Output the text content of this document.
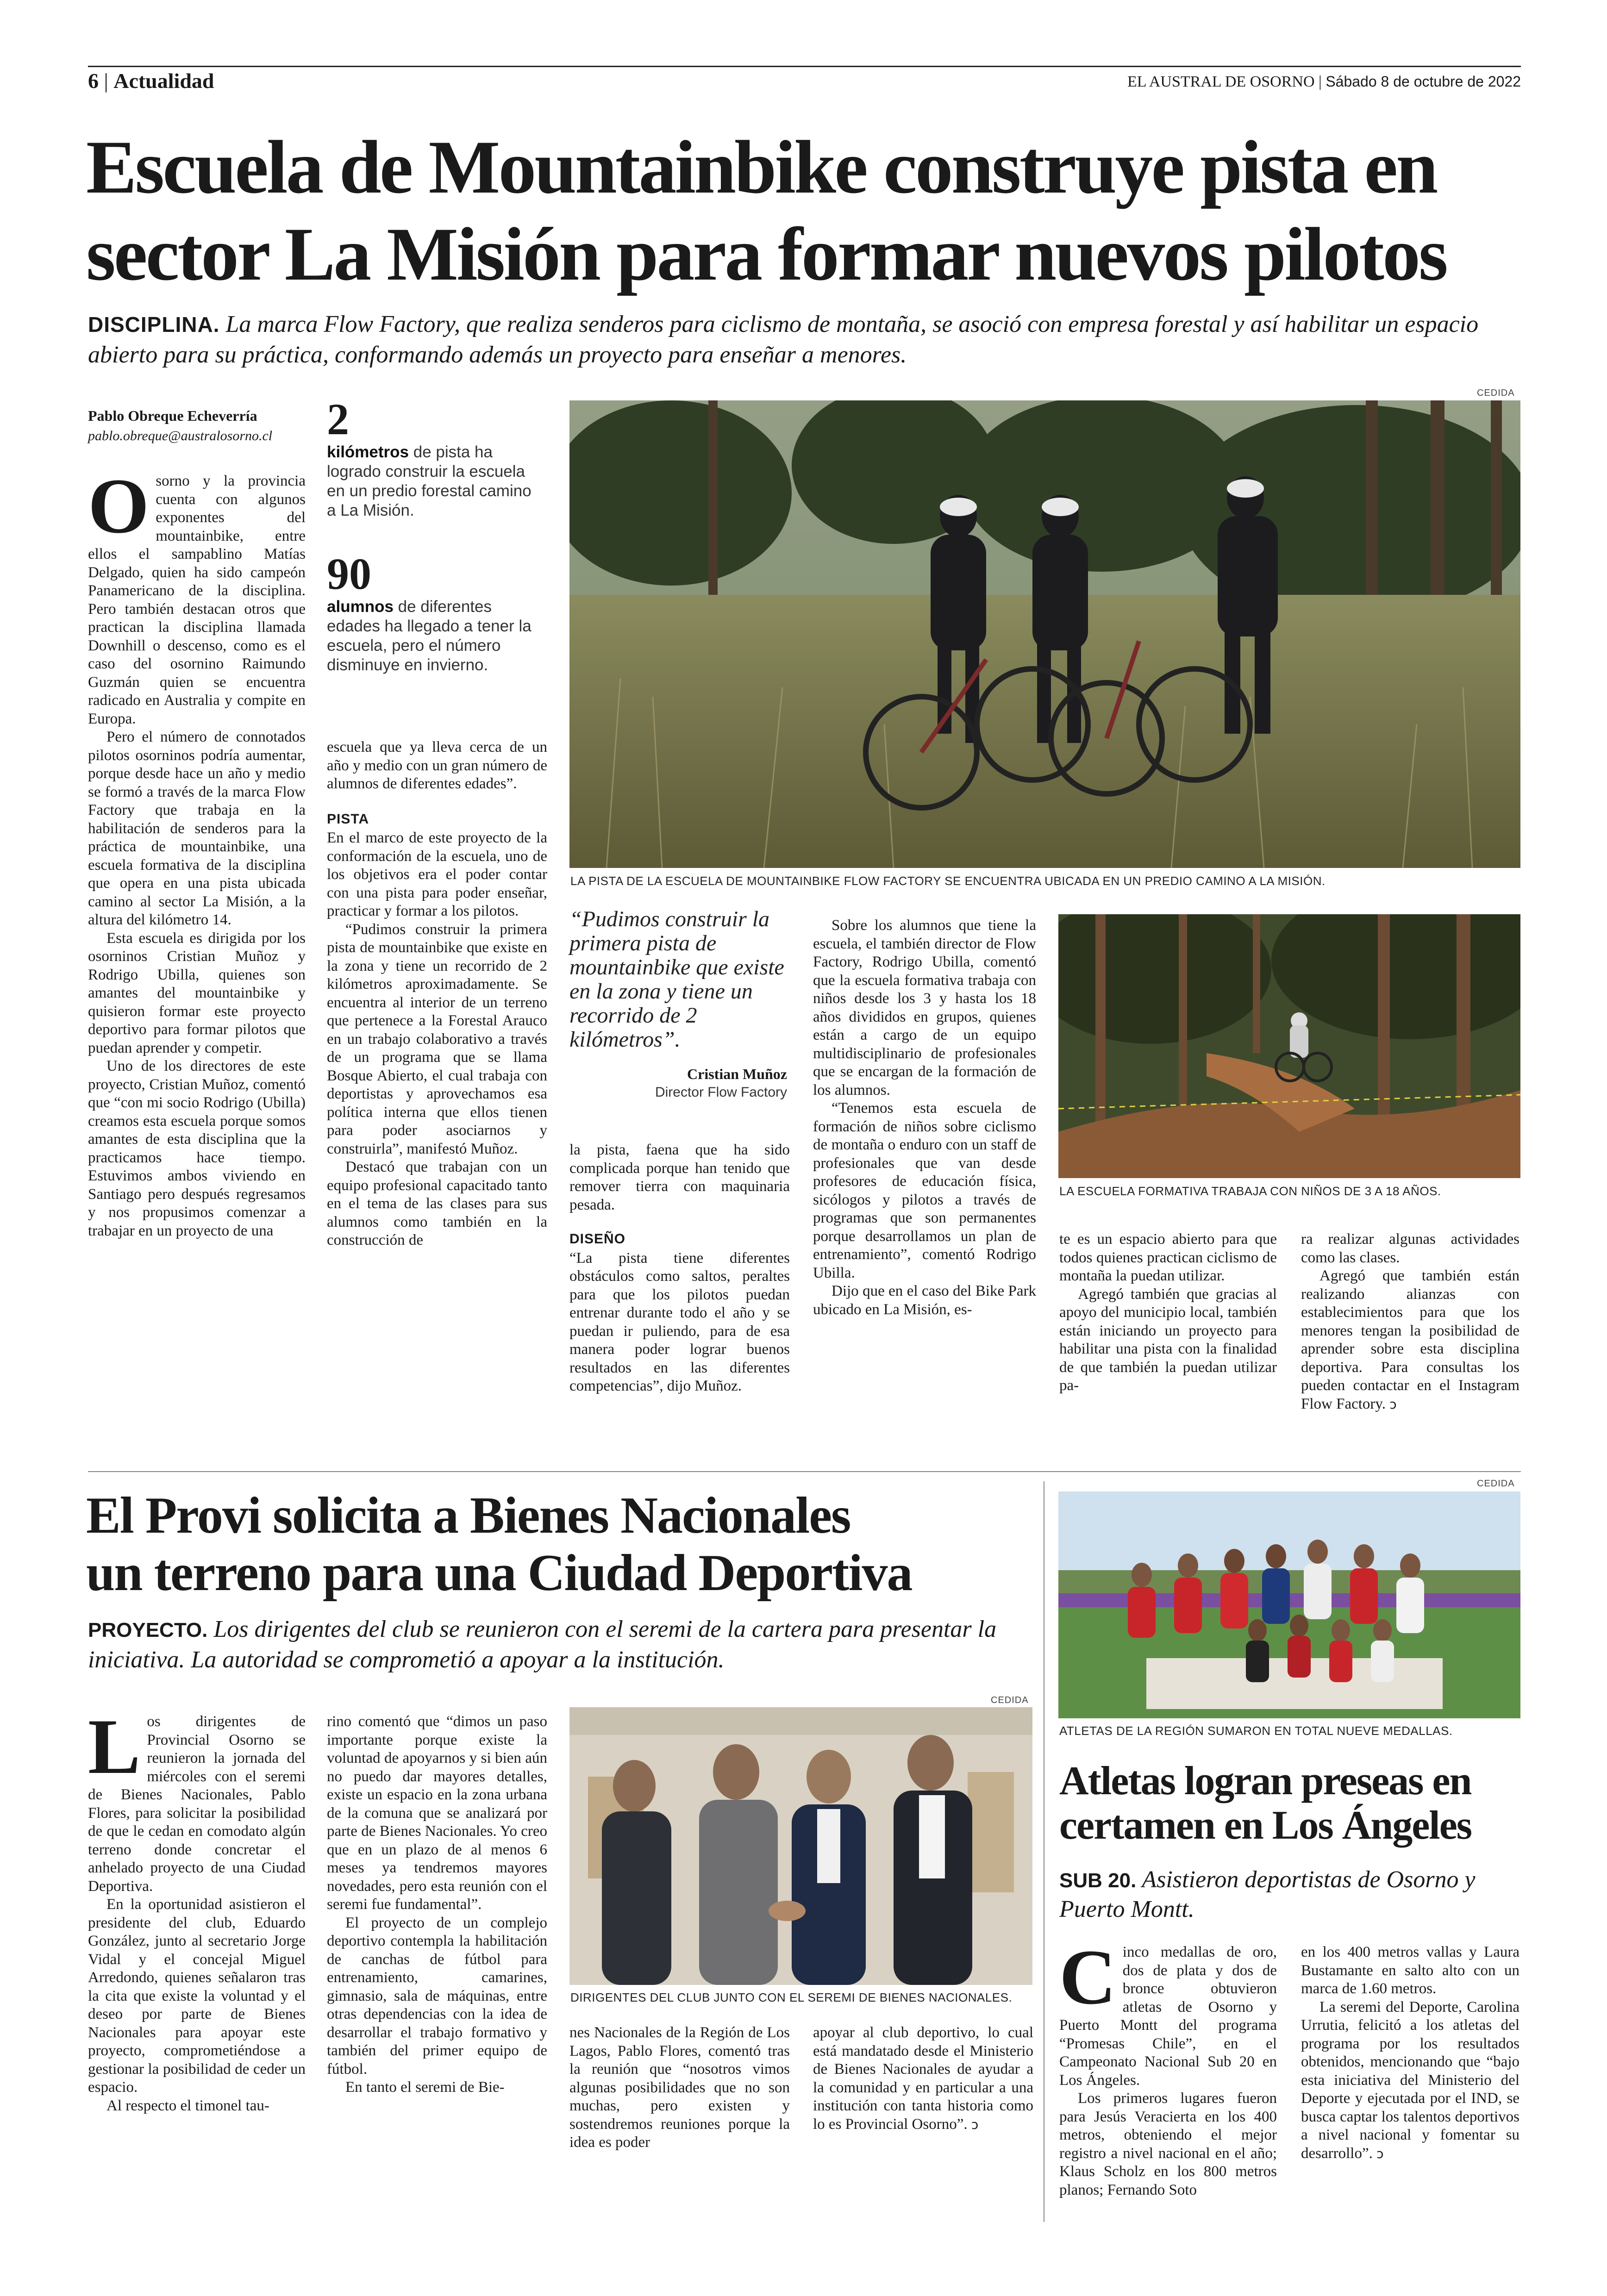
6 | Actualidad	EL AUSTRAL DE OSORNO | Sábado 8 de octubre de 2022
Escuela de Mountainbike construye pista en
sector La Misión para formar nuevos pilotos
DISCIPLINA. La marca Flow Factory, que realiza senderos para ciclismo de montaña, se asoció con empresa forestal y así habilitar un espacio abierto para su práctica, conformando además un proyecto para enseñar a menores.
Pablo Obreque Echeverría
pablo.obreque@australosorno.cl	2
kilómetros de pista ha logrado construir la escuela en un predio forestal camino a La Misión.
90
alumnos de diferentes edades ha llegado a tener la escuela, pero el número disminuye en invierno.

Osorno y la provincia cuenta con algunos exponentes del mountainbike, entre ellos el sampablino Matías Delgado, quien ha sido campeón Panamericano de la disciplina. Pero también destacan otros que practican la disciplina llamada Downhill o descenso, como es el caso del osornino Raimundo Guzmán quien se encuentra radicado en Australia y compite en Europa.

Pero el número de connotados pilotos osorninos podría aumentar, porque desde hace un año y medio se formó a través de la marca Flow Factory que trabaja en la habilitación de senderos para la práctica de mountainbike, una escuela formativa de la disciplina que opera en una pista ubicada camino al sector La Misión, a la altura del kilómetro 14.

Esta escuela es dirigida por los osorninos Cristian Muñoz y Rodrigo Ubilla, quienes son amantes del mountainbike y quisieron formar este proyecto deportivo para formar pilotos que puedan aprender y competir.

Uno de los directores de este proyecto, Cristian Muñoz, comentó que “con mi socio Rodrigo (Ubilla) creamos esta escuela porque somos amantes de esta disciplina que la practicamos hace tiempo. Estuvimos ambos viviendo en Santiago pero después regresamos y nos propusimos comenzar a trabajar en un proyecto de una

escuela que ya lleva cerca de un año y medio con un gran número de alumnos de diferentes edades”.

PISTA

En el marco de este proyecto de la conformación de la escuela, uno de los objetivos era el poder contar con una pista para poder enseñar, practicar y formar a los pilotos.

“Pudimos construir la primera pista de mountainbike que existe en la zona y tiene un recorrido de 2 kilómetros aproximadamente. Se encuentra al interior de un terreno que pertenece a la Forestal Arauco en un trabajo colaborativo a través de un programa que se llama Bosque Abierto, el cual trabaja con deportistas y aprovechamos esa política interna que ellos tienen para poder asociarnos y construirla”, manifestó Muñoz.

Destacó que trabajan con un equipo profesional capacitado tanto en el tema de las clases para sus alumnos como también en la construcción de

CEDIDA
LA PISTA DE LA ESCUELA DE MOUNTAINBIKE FLOW FACTORY SE ENCUENTRA UBICADA EN UN PREDIO CAMINO A LA MISIÓN.
“Pudimos construir la primera pista de mountainbike que existe en la zona y tiene un recorrido de 2 kilómetros”.
Cristian Muñoz
Director Flow Factory

la pista, faena que ha sido complicada porque han tenido que remover tierra con maquinaria pesada.

DISEÑO

“La pista tiene diferentes obstáculos como saltos, peraltes para que los pilotos puedan entrenar durante todo el año y se puedan ir puliendo, para de esa manera poder lograr buenos resultados en las diferentes competencias”, dijo Muñoz.

Sobre los alumnos que tiene la escuela, el también director de Flow Factory, Rodrigo Ubilla, comentó que la escuela formativa trabaja con niños desde los 3 y hasta los 18 años divididos en grupos, quienes están a cargo de un equipo multidisciplinario de profesionales que se encargan de la formación de los alumnos.

“Tenemos esta escuela de formación de niños sobre ciclismo de montaña o enduro con un staff de profesionales que van desde profesores de educación física, sicólogos y pilotos a través de programas que son permanentes porque desarrollamos un plan de entrenamiento”, comentó Rodrigo Ubilla.

Dijo que en el caso del Bike Park ubicado en La Misión, es-

LA ESCUELA FORMATIVA TRABAJA CON NIÑOS DE 3 A 18 AÑOS.

te es un espacio abierto para que todos quienes practican ciclismo de montaña la puedan utilizar.

Agregó también que gracias al apoyo del municipio local, también están iniciando un proyecto para habilitar una pista con la finalidad de que también la puedan utilizar pa-

ra realizar algunas actividades como las clases.

Agregó que también están realizando alianzas con establecimientos para que los menores tengan la posibilidad de aprender sobre esta disciplina deportiva. Para consultas los pueden contactar en el Instagram Flow Factory. ↄ

El Provi solicita a Bienes Nacionales
un terreno para una Ciudad Deportiva
PROYECTO. Los dirigentes del club se reunieron con el seremi de la cartera para presentar la iniciativa. La autoridad se comprometió a apoyar a la institución.

Los dirigentes de Provincial Osorno se reunieron la jornada del miércoles con el seremi de Bienes Nacionales, Pablo Flores, para solicitar la posibilidad de que le cedan en comodato algún terreno donde concretar el anhelado proyecto de una Ciudad Deportiva.

En la oportunidad asistieron el presidente del club, Eduardo González, junto al secretario Jorge Vidal y el concejal Miguel Arredondo, quienes señalaron tras la cita que existe la voluntad y el deseo por parte de Bienes Nacionales para apoyar este proyecto, comprometiéndose a gestionar la posibilidad de ceder un espacio.

Al respecto el timonel tau-

rino comentó que “dimos un paso importante porque existe la voluntad de apoyarnos y si bien aún no puedo dar mayores detalles, existe un espacio en la zona urbana de la comuna que se analizará por parte de Bienes Nacionales. Yo creo que en un plazo de al menos 6 meses ya tendremos mayores novedades, pero esta reunión con el seremi fue fundamental”.

El proyecto de un complejo deportivo contempla la habilitación de canchas de fútbol para entrenamiento, camarines, gimnasio, sala de máquinas, entre otras dependencias con la idea de desarrollar el trabajo formativo y también del primer equipo de fútbol.

En tanto el seremi de Bie-

CEDIDA
DIRIGENTES DEL CLUB JUNTO CON EL SEREMI DE BIENES NACIONALES.

nes Nacionales de la Región de Los Lagos, Pablo Flores, comentó tras la reunión que “nosotros vimos algunas posibilidades que no son muchas, pero existen y sostendremos reuniones porque la idea es poder

apoyar al club deportivo, lo cual está mandatado desde el Ministerio de Bienes Nacionales de ayudar a la comunidad y en particular a una institución con tanta historia como lo es Provincial Osorno”. ↄ

CEDIDA
ATLETAS DE LA REGIÓN SUMARON EN TOTAL NUEVE MEDALLAS.
Atletas logran preseas en
certamen en Los Ángeles
SUB 20. Asistieron deportistas de Osorno y Puerto Montt.

Cinco medallas de oro, dos de plata y dos de bronce obtuvieron atletas de Osorno y Puerto Montt del programa “Promesas Chile”, en el Campeonato Nacional Sub 20 en Los Ángeles.

Los primeros lugares fueron para Jesús Veracierta en los 400 metros, obteniendo el mejor registro a nivel nacional en el año; Klaus Scholz en los 800 metros planos; Fernando Soto

en los 400 metros vallas y Laura Bustamante en salto alto con un marca de 1.60 metros.

La seremi del Deporte, Carolina Urrutia, felicitó a los atletas del programa por los resultados obtenidos, mencionando que “bajo esta iniciativa del Ministerio del Deporte y ejecutada por el IND, se busca captar los talentos deportivos a nivel nacional y fomentar su desarrollo”. ↄ
